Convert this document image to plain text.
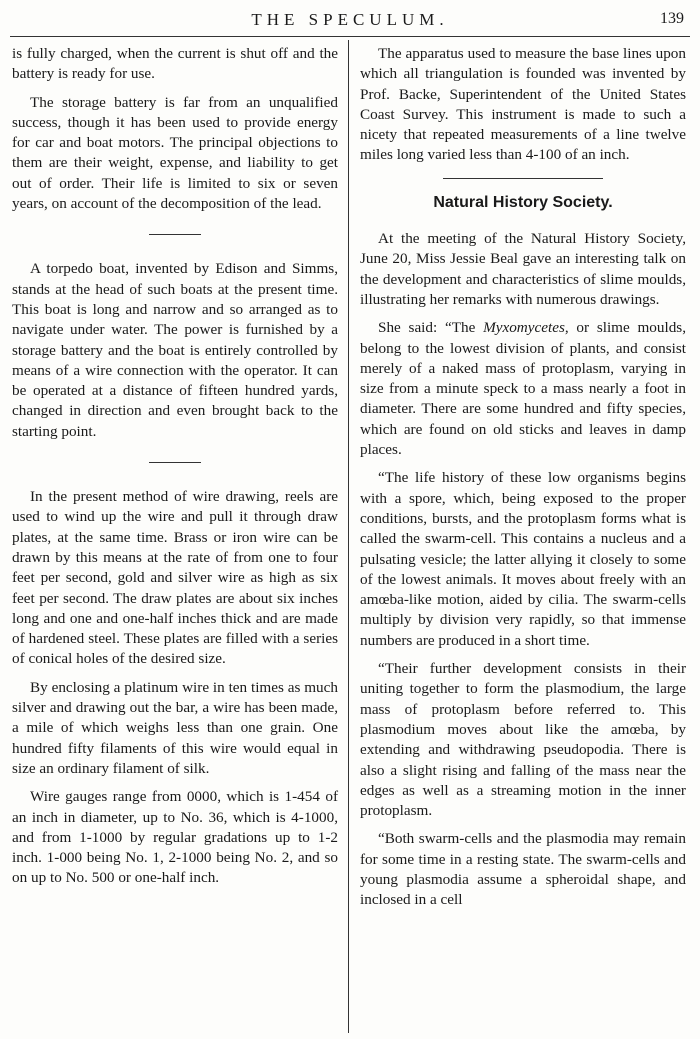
THE SPECULUM.	139

is fully charged, when the current is shut off and the battery is ready for use.

The storage battery is far from an unqualified success, though it has been used to provide energy for car and boat motors. The principal objections to them are their weight, expense, and liability to get out of order. Their life is limited to six or seven years, on account of the decomposition of the lead.

A torpedo boat, invented by Edison and Simms, stands at the head of such boats at the present time. This boat is long and narrow and so arranged as to navigate under water. The power is furnished by a storage battery and the boat is entirely controlled by means of a wire connection with the operator. It can be operated at a distance of fifteen hundred yards, changed in direction and even brought back to the starting point.

In the present method of wire drawing, reels are used to wind up the wire and pull it through draw plates, at the same time. Brass or iron wire can be drawn by this means at the rate of from one to four feet per second, gold and silver wire as high as six feet per second. The draw plates are about six inches long and one and one-half inches thick and are made of hardened steel. These plates are filled with a series of conical holes of the desired size.

By enclosing a platinum wire in ten times as much silver and drawing out the bar, a wire has been made, a mile of which weighs less than one grain. One hundred fifty filaments of this wire would equal in size an ordinary filament of silk.

Wire gauges range from 0000, which is 1-454 of an inch in diameter, up to No. 36, which is 4-1000, and from 1-1000 by regular gradations up to 1-2 inch. 1-000 being No. 1, 2-1000 being No. 2, and so on up to No. 500 or one-half inch.

The apparatus used to measure the base lines upon which all triangulation is founded was invented by Prof. Backe, Superintendent of the United States Coast Survey. This instrument is made to such a nicety that repeated measurements of a line twelve miles long varied less than 4-100 of an inch.

Natural History Society.

At the meeting of the Natural History Society, June 20, Miss Jessie Beal gave an interesting talk on the development and characteristics of slime moulds, illustrating her remarks with numerous drawings.

She said: “The Myxomycetes, or slime moulds, belong to the lowest division of plants, and consist merely of a naked mass of protoplasm, varying in size from a minute speck to a mass nearly a foot in diameter. There are some hundred and fifty species, which are found on old sticks and leaves in damp places.

“The life history of these low organisms begins with a spore, which, being exposed to the proper conditions, bursts, and the protoplasm forms what is called the swarm-cell. This contains a nucleus and a pulsating vesicle; the latter allying it closely to some of the lowest animals. It moves about freely with an amœba-like motion, aided by cilia. The swarm-cells multiply by division very rapidly, so that immense numbers are produced in a short time.

“Their further development consists in their uniting together to form the plasmodium, the large mass of protoplasm before referred to. This plasmodium moves about like the amœba, by extending and withdrawing pseudopodia. There is also a slight rising and falling of the mass near the edges as well as a streaming motion in the inner protoplasm.

“Both swarm-cells and the plasmodia may remain for some time in a resting state. The swarm-cells and young plasmodia assume a spheroidal shape, and inclosed in a cell
